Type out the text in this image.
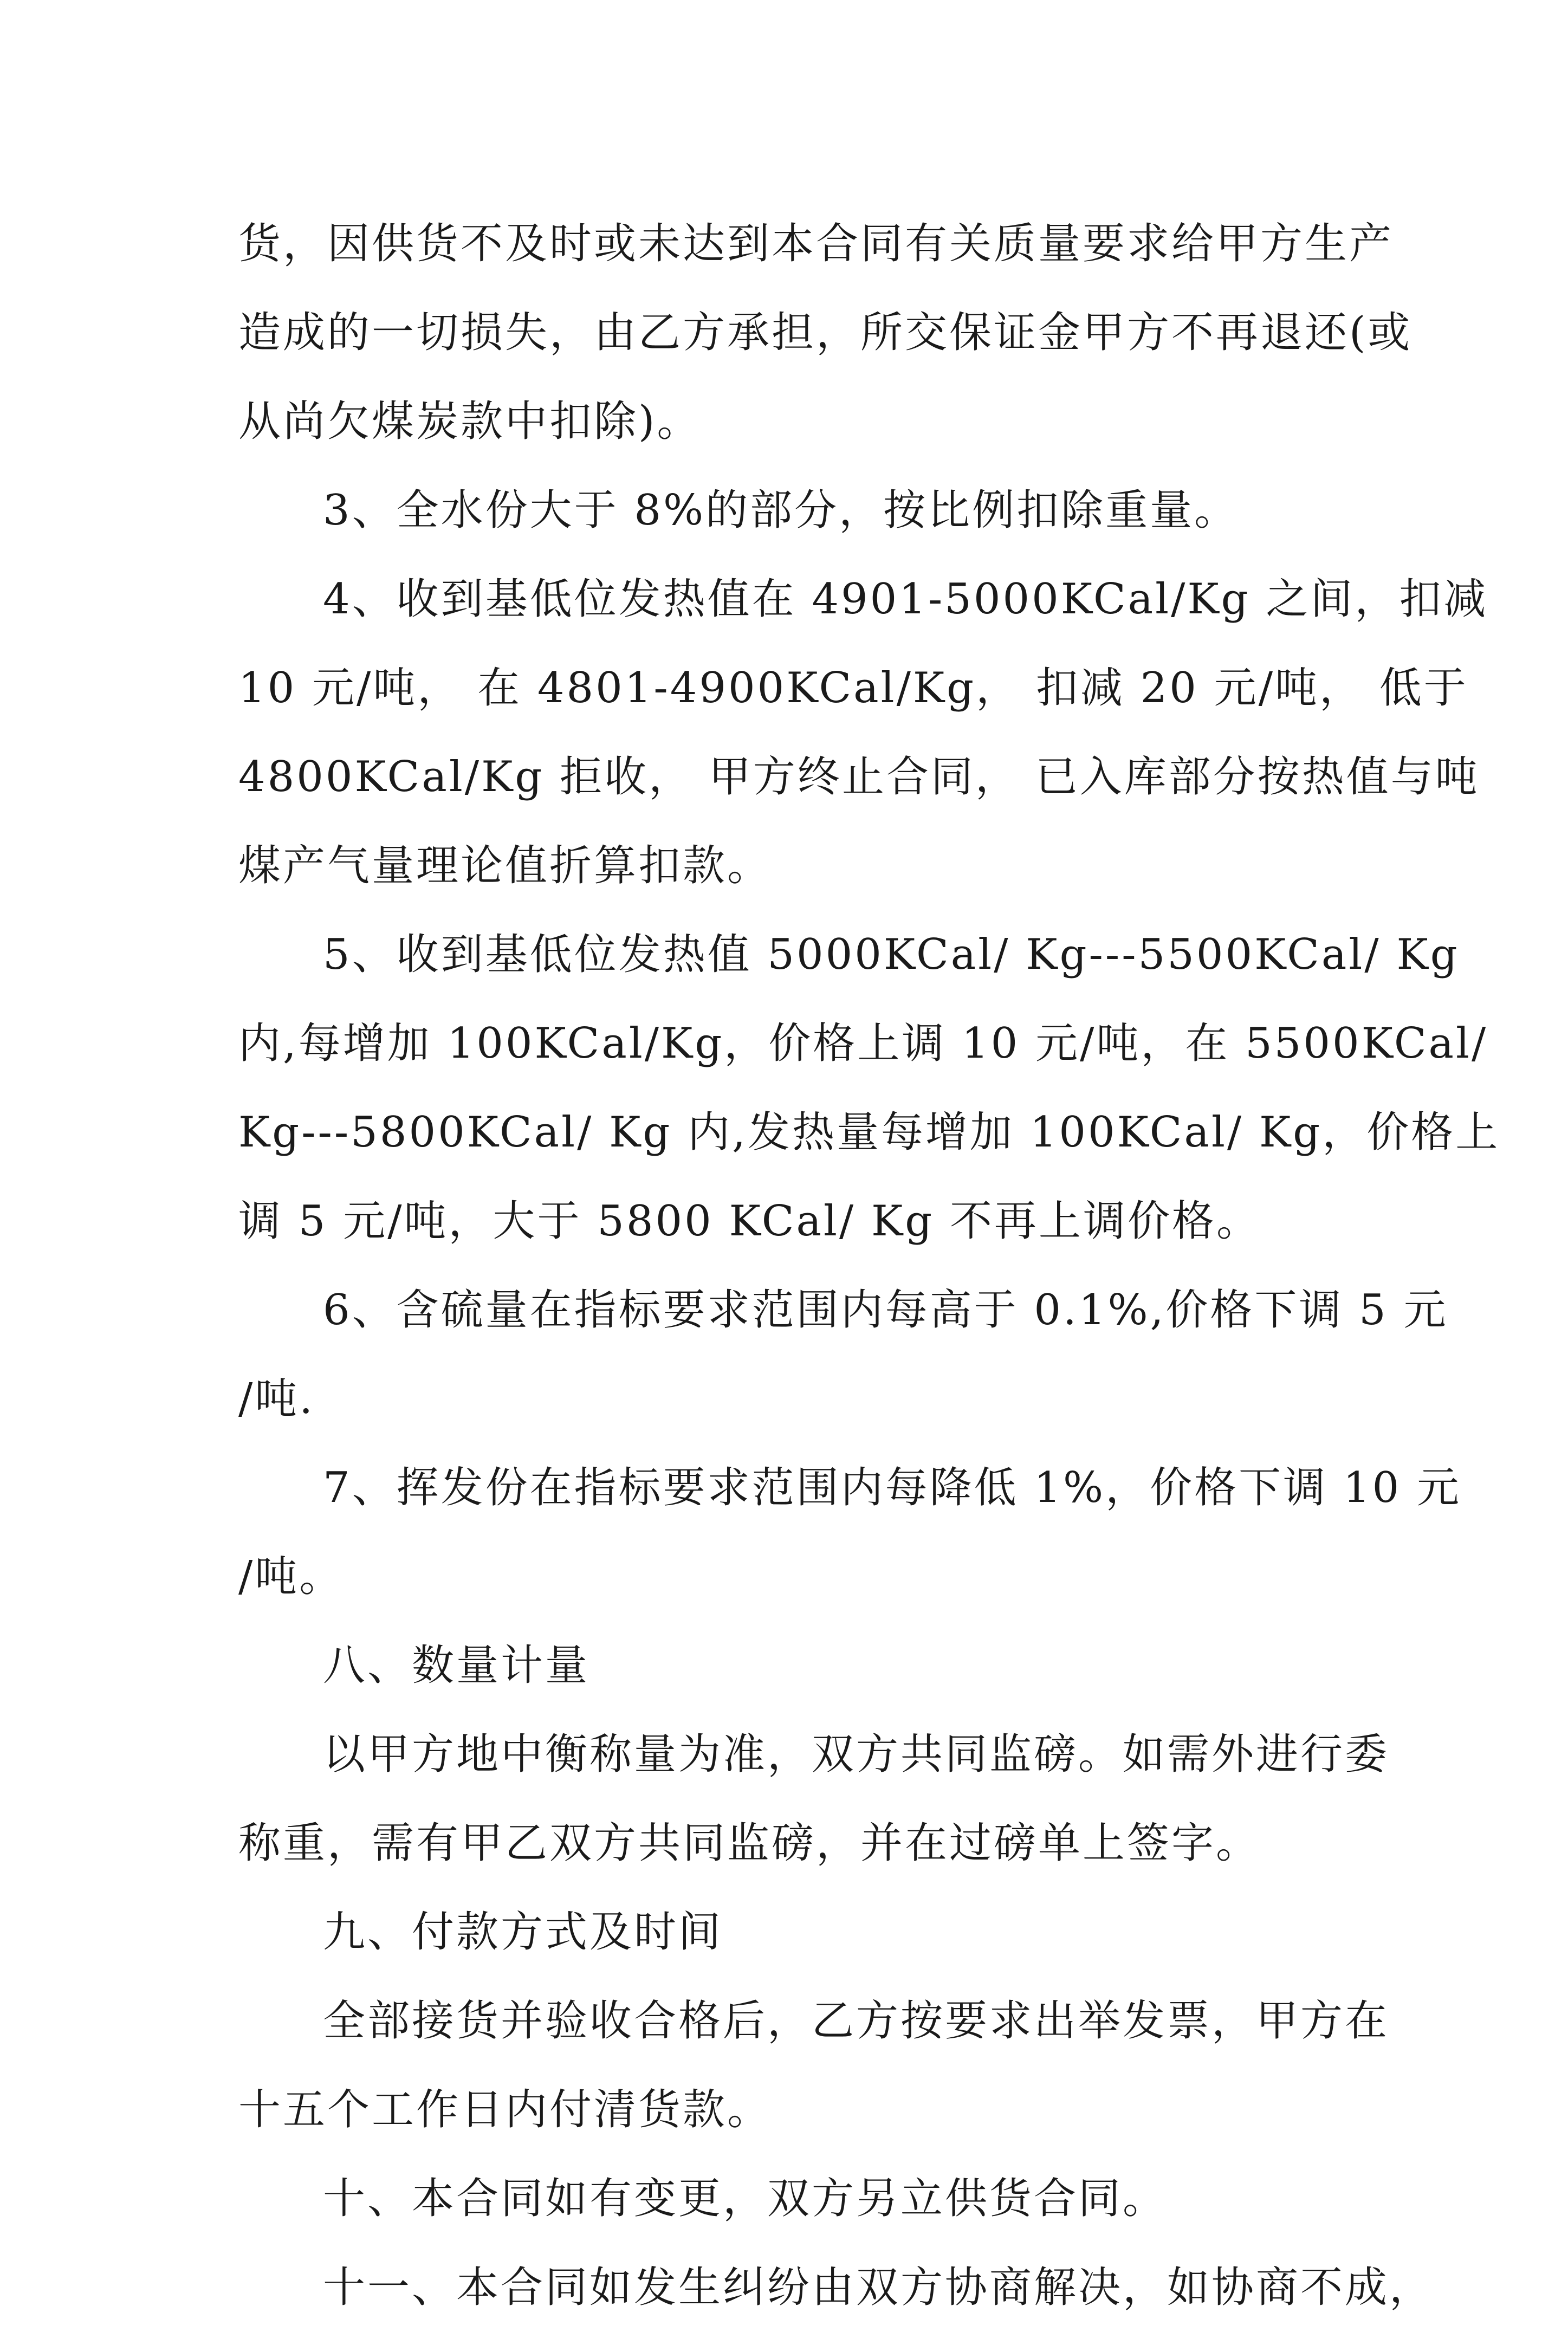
货，因供货不及时或未达到本合同有关质量要求给甲方生产
造成的一切损失，由乙方承担，所交保证金甲方不再退还(或
从尚欠煤炭款中扣除)。
3、全水份大于 8%的部分，按比例扣除重量。
4、收到基低位发热值在 4901-5000KCal/Kg 之间，扣减
10 元/吨， 在 4801-4900KCal/Kg， 扣减 20 元/吨， 低于
4800KCal/Kg 拒收， 甲方终止合同， 已入库部分按热值与吨
煤产气量理论值折算扣款。
5、收到基低位发热值 5000KCal/ Kg---5500KCal/ Kg
内,每增加 100KCal/Kg，价格上调 10 元/吨，在 5500KCal/
Kg---5800KCal/ Kg 内,发热量每增加 100KCal/ Kg，价格上
调 5 元/吨，大于 5800 KCal/ Kg 不再上调价格。
6、含硫量在指标要求范围内每高于 0.1%,价格下调 5 元
/吨.
7、挥发份在指标要求范围内每降低 1%，价格下调 10 元
/吨。
八、数量计量
以甲方地中衡称量为准，双方共同监磅。如需外进行委
称重，需有甲乙双方共同监磅，并在过磅单上签字。
九、付款方式及时间
全部接货并验收合格后，乙方按要求出举发票，甲方在
十五个工作日内付清货款。
十、本合同如有变更，双方另立供货合同。
十一、本合同如发生纠纷由双方协商解决，如协商不成，
